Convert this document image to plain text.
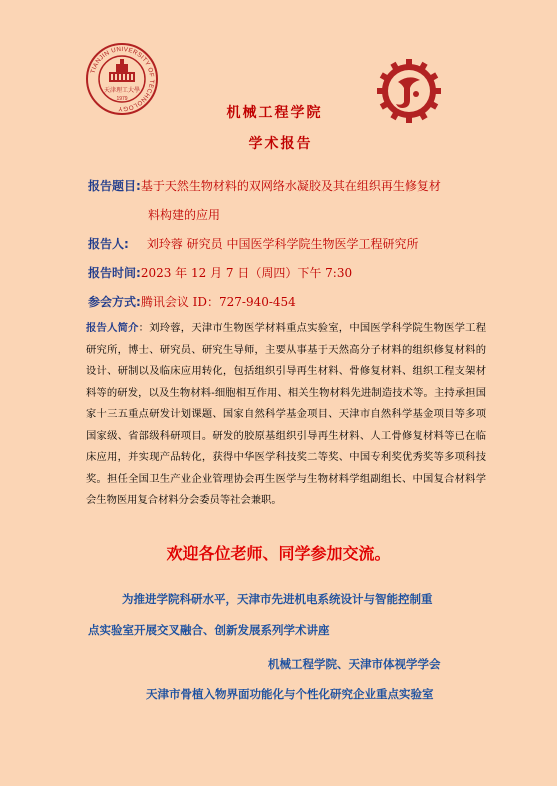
TIANJIN UNIVERSITY OF TECHNOLOGY
天津理工大學
1979
机械工程学院
学术报告
报告题目:基于天然生物材料的双网络水凝胶及其在组织再生修复材
料构建的应用
报告人: 刘玲蓉 研究员 中国医学科学院生物医学工程研究所
报告时间:2023 年 12 月 7 日（周四）下午 7:30
参会方式:腾讯会议 ID：727-940-454

报告人简介：刘玲蓉，天津市生物医学材料重点实验室，中国医学科学院生物医学工程研究所，博士、研究员、研究生导师，主要从事基于天然高分子材料的组织修复材料的设计、研制以及临床应用转化，包括组织引导再生材料、骨修复材料、组织工程支架材料等的研发，以及生物材料-细胞相互作用、相关生物材料先进制造技术等。主持承担国家十三五重点研发计划课题、国家自然科学基金项目、天津市自然科学基金项目等多项国家级、省部级科研项目。研发的胶原基组织引导再生材料、人工骨修复材料等已在临床应用，并实现产品转化，获得中华医学科技奖二等奖、中国专利奖优秀奖等多项科技奖。担任全国卫生产业企业管理协会再生医学与生物材料学组副组长、中国复合材料学会生物医用复合材料分会委员等社会兼职。

欢迎各位老师、同学参加交流。
为推进学院科研水平，天津市先进机电系统设计与智能控制重
点实验室开展交叉融合、创新发展系列学术讲座
机械工程学院、天津市体视学学会
天津市骨植入物界面功能化与个性化研究企业重点实验室
